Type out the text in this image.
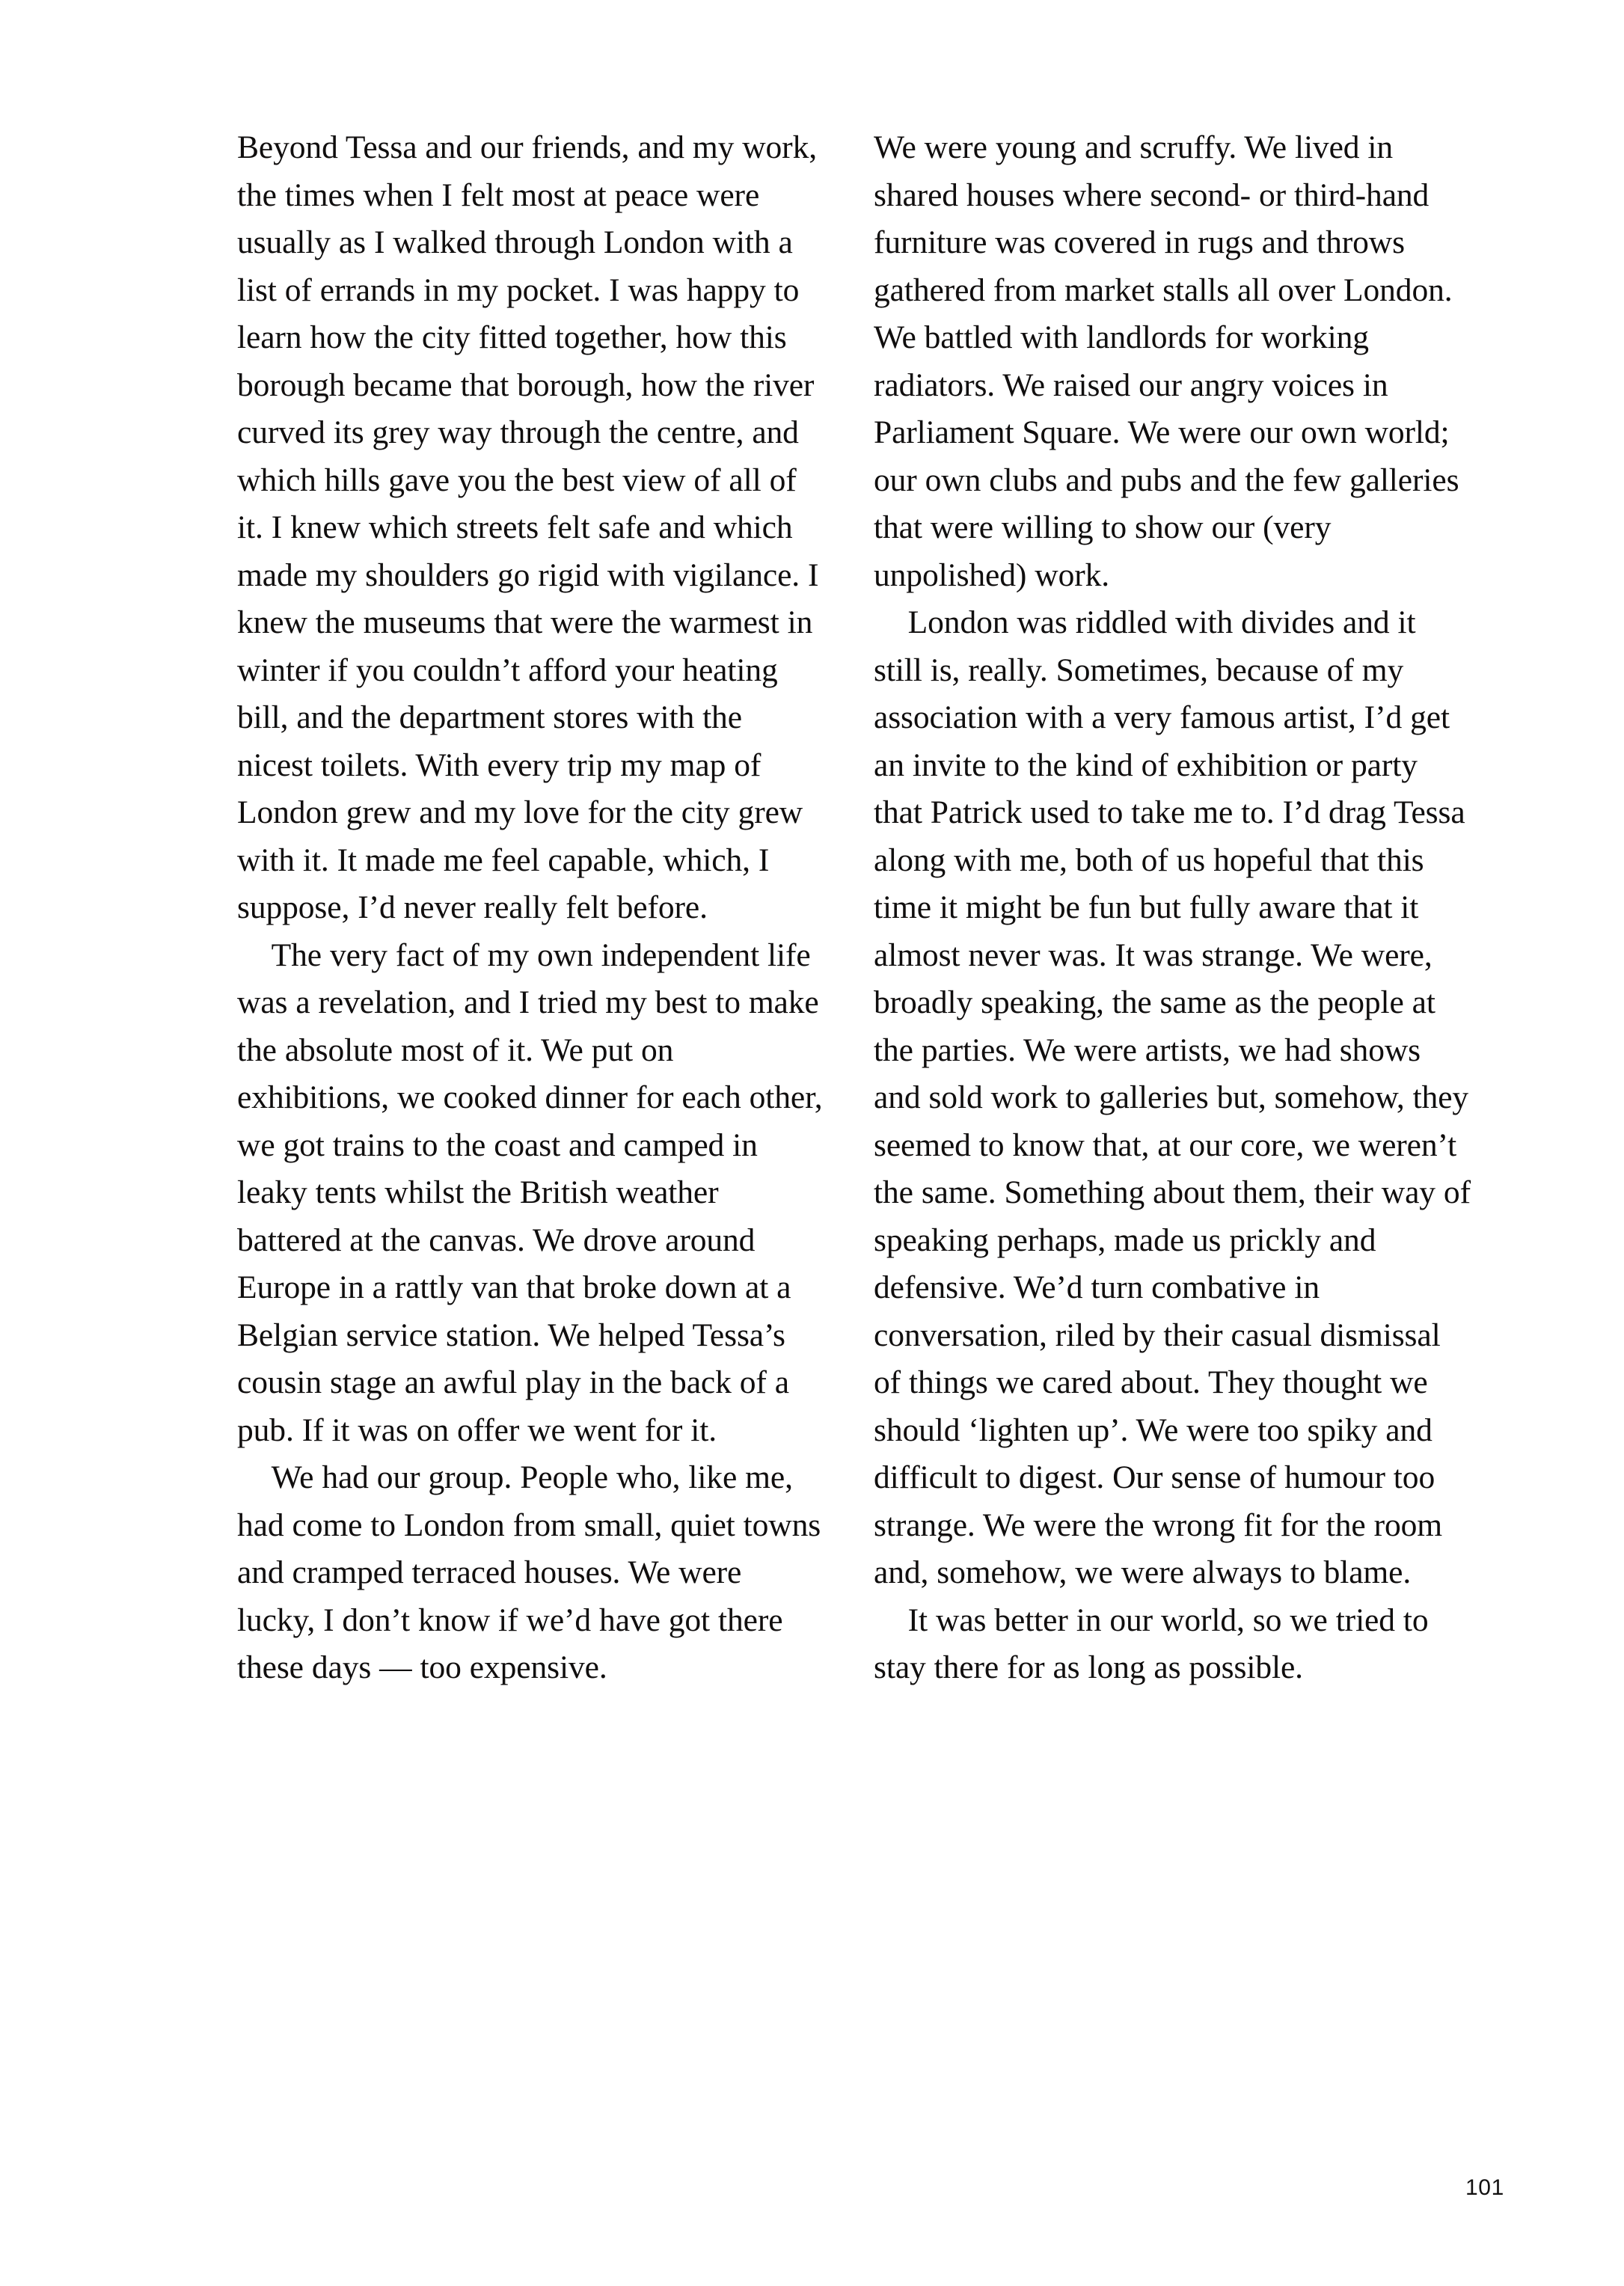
Beyond Tessa and our friends, and my work, the times when I felt most at peace were usually as I walked through London with a list of errands in my pocket. I was happy to learn how the city fitted together, how this borough became that borough, how the river curved its grey way through the centre, and which hills gave you the best view of all of it. I knew which streets felt safe and which made my shoulders go rigid with vigilance. I knew the museums that were the warmest in winter if you couldn’t afford your heating bill, and the department stores with the nicest toilets. With every trip my map of London grew and my love for the city grew with it. It made me feel capable, which, I suppose, I’d never really felt before.

The very fact of my own independent life was a revelation, and I tried my best to make the absolute most of it. We put on exhibitions, we cooked dinner for each other, we got trains to the coast and camped in leaky tents whilst the British weather battered at the canvas. We drove around Europe in a rattly van that broke down at a Belgian service station. We helped Tessa’s cousin stage an awful play in the back of a pub. If it was on offer we went for it.

We had our group. People who, like me, had come to London from small, quiet towns and cramped terraced houses. We were lucky, I don’t know if we’d have got there these days — too expensive.

We were young and scruffy. We lived in shared houses where second- or third-hand furniture was covered in rugs and throws gathered from market stalls all over London. We battled with landlords for working radiators. We raised our angry voices in Parliament Square. We were our own world; our own clubs and pubs and the few galleries that were willing to show our (very unpolished) work.

London was riddled with divides and it still is, really. Sometimes, because of my association with a very famous artist, I’d get an invite to the kind of exhibition or party that Patrick used to take me to. I’d drag Tessa along with me, both of us hopeful that this time it might be fun but fully aware that it almost never was. It was strange. We were, broadly speaking, the same as the people at the parties. We were artists, we had shows and sold work to galleries but, somehow, they seemed to know that, at our core, we weren’t the same. Something about them, their way of speaking perhaps, made us prickly and defensive. We’d turn combative in conversation, riled by their casual dismissal of things we cared about. They thought we should ‘lighten up’. We were too spiky and difficult to digest. Our sense of humour too strange. We were the wrong fit for the room and, somehow, we were always to blame.

It was better in our world, so we tried to stay there for as long as possible.

101
